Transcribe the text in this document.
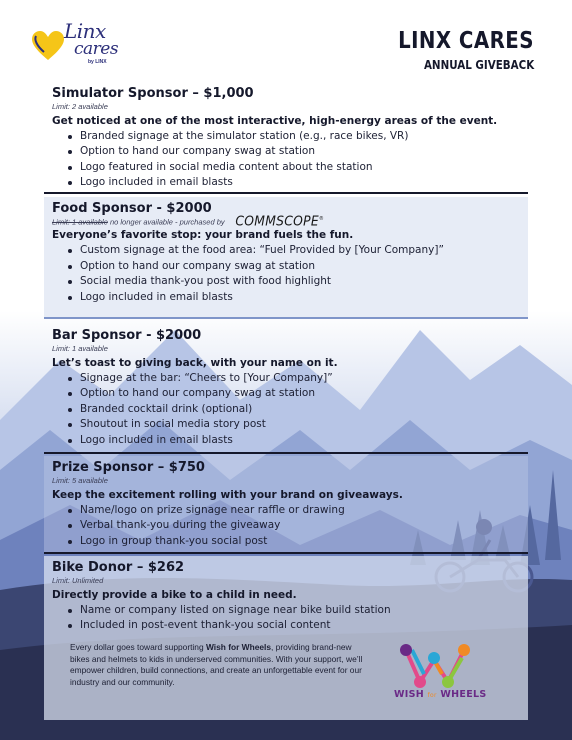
Linx
cares
by LINX
LINX CARES
ANNUAL GIVEBACK
Simulator Sponsor – $1,000
Limit: 2 available
Get noticed at one of the most interactive, high-energy areas of the event.
Branded signage at the simulator station (e.g., race bikes, VR)
Option to hand our company swag at station
Logo featured in social media content about the station
Logo included in email blasts
Food Sponsor - $2000
Limit: 1 available no longer available - purchased by COMMSCOPE®
Everyone’s favorite stop: your brand fuels the fun.
Custom signage at the food area: “Fuel Provided by [Your Company]”
Option to hand our company swag at station
Social media thank-you post with food highlight
Logo included in email blasts
Bar Sponsor - $2000
Limit: 1 available
Let’s toast to giving back, with your name on it.
Signage at the bar: “Cheers to [Your Company]”
Option to hand our company swag at station
Branded cocktail drink (optional)
Shoutout in social media story post
Logo included in email blasts
Prize Sponsor – $750
Limit: 5 available
Keep the excitement rolling with your brand on giveaways.
Name/logo on prize signage near raffle or drawing
Verbal thank-you during the giveaway
Logo in group thank-you social post
Bike Donor – $262
Limit: Unlimited
Directly provide a bike to a child in need.
Name or company listed on signage near bike build station
Included in post-event thank-you social content
Every dollar goes toward supporting Wish for Wheels, providing brand-new bikes and helmets to kids in underserved communities. With your support, we’ll empower children, build connections, and create an unforgettable event for our industry and our community.
WISH for WHEELS
